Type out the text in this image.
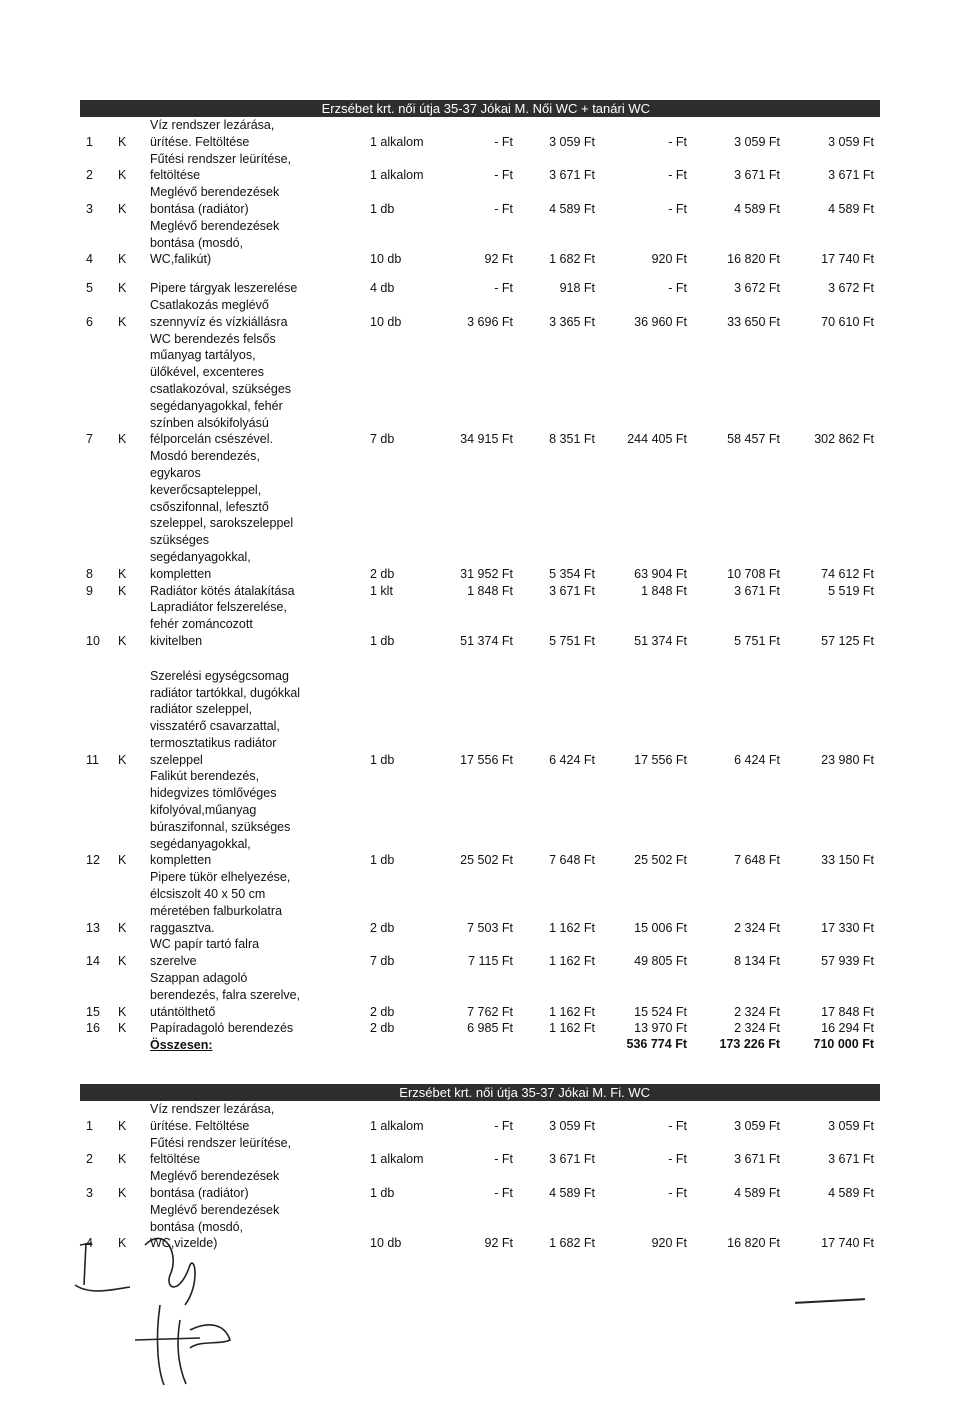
Erzsébet krt. női útja 35-37 Jókai M. Női WC + tanári WC
Víz rendszer lezárása,
ürítése. Feltöltése
1	K	1 alkalom	- Ft	3 059 Ft	- Ft	3 059 Ft	3 059 Ft
Fűtési rendszer leürítése,
feltöltése
2	K	1 alkalom	- Ft	3 671 Ft	- Ft	3 671 Ft	3 671 Ft
Meglévő berendezések
bontása (radiátor)
3	K	1 db	- Ft	4 589 Ft	- Ft	4 589 Ft	4 589 Ft
Meglévő berendezések
bontása (mosdó,
WC,falikút)
4	K	10 db	92 Ft	1 682 Ft	920 Ft	16 820 Ft	17 740 Ft
Pipere tárgyak leszerelése
5	K	4 db	- Ft	918 Ft	- Ft	3 672 Ft	3 672 Ft
Csatlakozás meglévő
szennyvíz és vízkiállásra
6	K	10 db	3 696 Ft	3 365 Ft	36 960 Ft	33 650 Ft	70 610 Ft
WC berendezés felsős
műanyag tartályos,
ülőkével, excenteres
csatlakozóval, szükséges
segédanyagokkal, fehér
színben alsókifolyású
félporcelán csészével.
7	K	7 db	34 915 Ft	8 351 Ft	244 405 Ft	58 457 Ft	302 862 Ft
Mosdó berendezés,
egykaros
keverőcsapteleppel,
csőszifonnal, lefesztő
szeleppel, sarokszeleppel
szükséges
segédanyagokkal,
kompletten
8	K	2 db	31 952 Ft	5 354 Ft	63 904 Ft	10 708 Ft	74 612 Ft
Radiátor kötés átalakítása
9	K	1 klt	1 848 Ft	3 671 Ft	1 848 Ft	3 671 Ft	5 519 Ft
Lapradiátor felszerelése,
fehér zománcozott
kivitelben
10 K	1 db	51 374 Ft	5 751 Ft	51 374 Ft	5 751 Ft	57 125 Ft
Szerelési egységcsomag
radiátor tartókkal, dugókkal
radiátor szeleppel,
visszatérő csavarzattal,
termosztatikus radiátor
szeleppel
11 K	1 db	17 556 Ft	6 424 Ft	17 556 Ft	6 424 Ft	23 980 Ft
Falikút berendezés,
hidegvizes tömlővéges
kifolyóval,műanyag
búraszifonnal, szükséges
segédanyagokkal,
kompletten
12 K	1 db	25 502 Ft	7 648 Ft	25 502 Ft	7 648 Ft	33 150 Ft
Pipere tükör elhelyezése,
élcsiszolt 40 x 50 cm
méretében falburkolatra
raggasztva.
13 K	2 db	7 503 Ft	1 162 Ft	15 006 Ft	2 324 Ft	17 330 Ft
WC papír tartó falra
szerelve
14 K	7 db	7 115 Ft	1 162 Ft	49 805 Ft	8 134 Ft	57 939 Ft
Szappan adagoló
berendezés, falra szerelve,
utántölthető
15 K	2 db	7 762 Ft	1 162 Ft	15 524 Ft	2 324 Ft	17 848 Ft
Papíradagoló berendezés
16 K	2 db	6 985 Ft	1 162 Ft	13 970 Ft	2 324 Ft	16 294 Ft
Összesen:	536 774 Ft	173 226 Ft	710 000 Ft
Erzsébet krt. női útja 35-37 Jókai M. Fi. WC
Víz rendszer lezárása,
ürítése. Feltöltése
1	K	1 alkalom	- Ft	3 059 Ft	- Ft	3 059 Ft	3 059 Ft
Fűtési rendszer leürítése,
feltöltése
2	K	1 alkalom	- Ft	3 671 Ft	- Ft	3 671 Ft	3 671 Ft
Meglévő berendezések
bontása (radiátor)
3	K	1 db	- Ft	4 589 Ft	- Ft	4 589 Ft	4 589 Ft
Meglévő berendezések
bontása (mosdó,
WC,vizelde)
4	K	10 db	92 Ft	1 682 Ft	920 Ft	16 820 Ft	17 740 Ft
